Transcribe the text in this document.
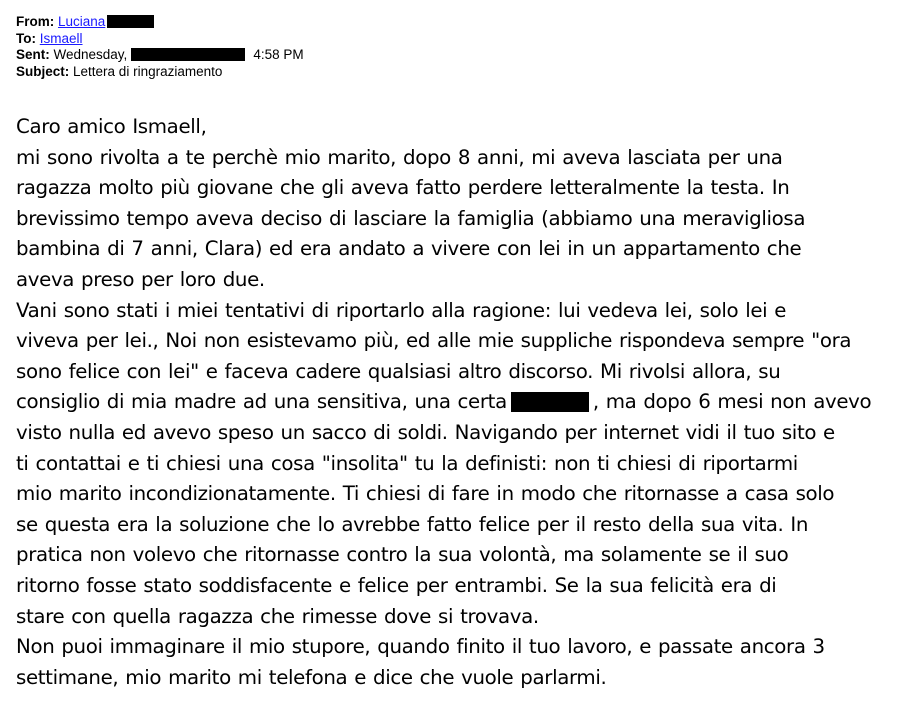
From: Luciana
To: Ismaell
Sent: Wednesday,	4:58 PM
Subject: Lettera di ringraziamento
Caro amico Ismaell,
mi sono rivolta a te perchè mio marito, dopo 8 anni, mi aveva lasciata per una
ragazza molto più giovane che gli aveva fatto perdere letteralmente la testa. In
brevissimo tempo aveva deciso di lasciare la famiglia (abbiamo una meravigliosa
bambina di 7 anni, Clara) ed era andato a vivere con lei in un appartamento che
aveva preso per loro due.
Vani sono stati i miei tentativi di riportarlo alla ragione: lui vedeva lei, solo lei e
viveva per lei., Noi non esistevamo più, ed alle mie suppliche rispondeva sempre "ora
sono felice con lei" e faceva cadere qualsiasi altro discorso. Mi rivolsi allora, su
consiglio di mia madre ad una sensitiva, una certa	, ma dopo 6 mesi non avevo
visto nulla ed avevo speso un sacco di soldi. Navigando per internet vidi il tuo sito e
ti contattai e ti chiesi una cosa "insolita" tu la definisti: non ti chiesi di riportarmi
mio marito incondizionatamente. Ti chiesi di fare in modo che ritornasse a casa solo
se questa era la soluzione che lo avrebbe fatto felice per il resto della sua vita. In
pratica non volevo che ritornasse contro la sua volontà, ma solamente se il suo
ritorno fosse stato soddisfacente e felice per entrambi. Se la sua felicità era di
stare con quella ragazza che rimesse dove si trovava.
Non puoi immaginare il mio stupore, quando finito il tuo lavoro, e passate ancora 3
settimane, mio marito mi telefona e dice che vuole parlarmi.
